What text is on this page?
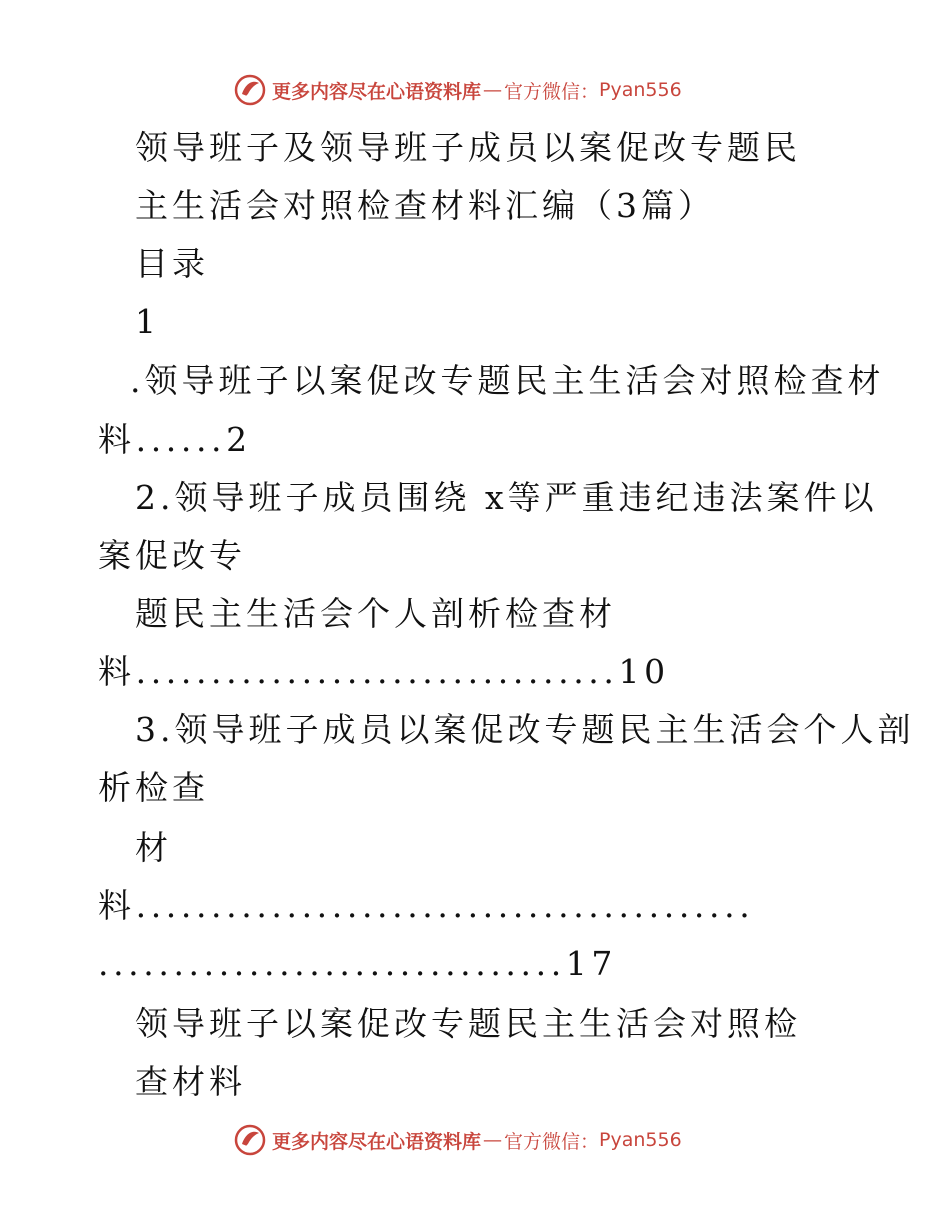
更多内容尽在心语资料库 — 官方微信： Pyan556
领导班子及领导班子成员以案促改专题民
主生活会对照检查材料汇编（3篇）
目录
1
.领导班子以案促改专题民主生活会对照检查材
料......2
2.领导班子成员围绕 x等严重违纪违法案件以
案促改专
题民主生活会个人剖析检查材
料................................10
3.领导班子成员以案促改专题民主生活会个人剖
析检查
材
料.........................................
...............................17
领导班子以案促改专题民主生活会对照检
查材料
更多内容尽在心语资料库 — 官方微信： Pyan556
